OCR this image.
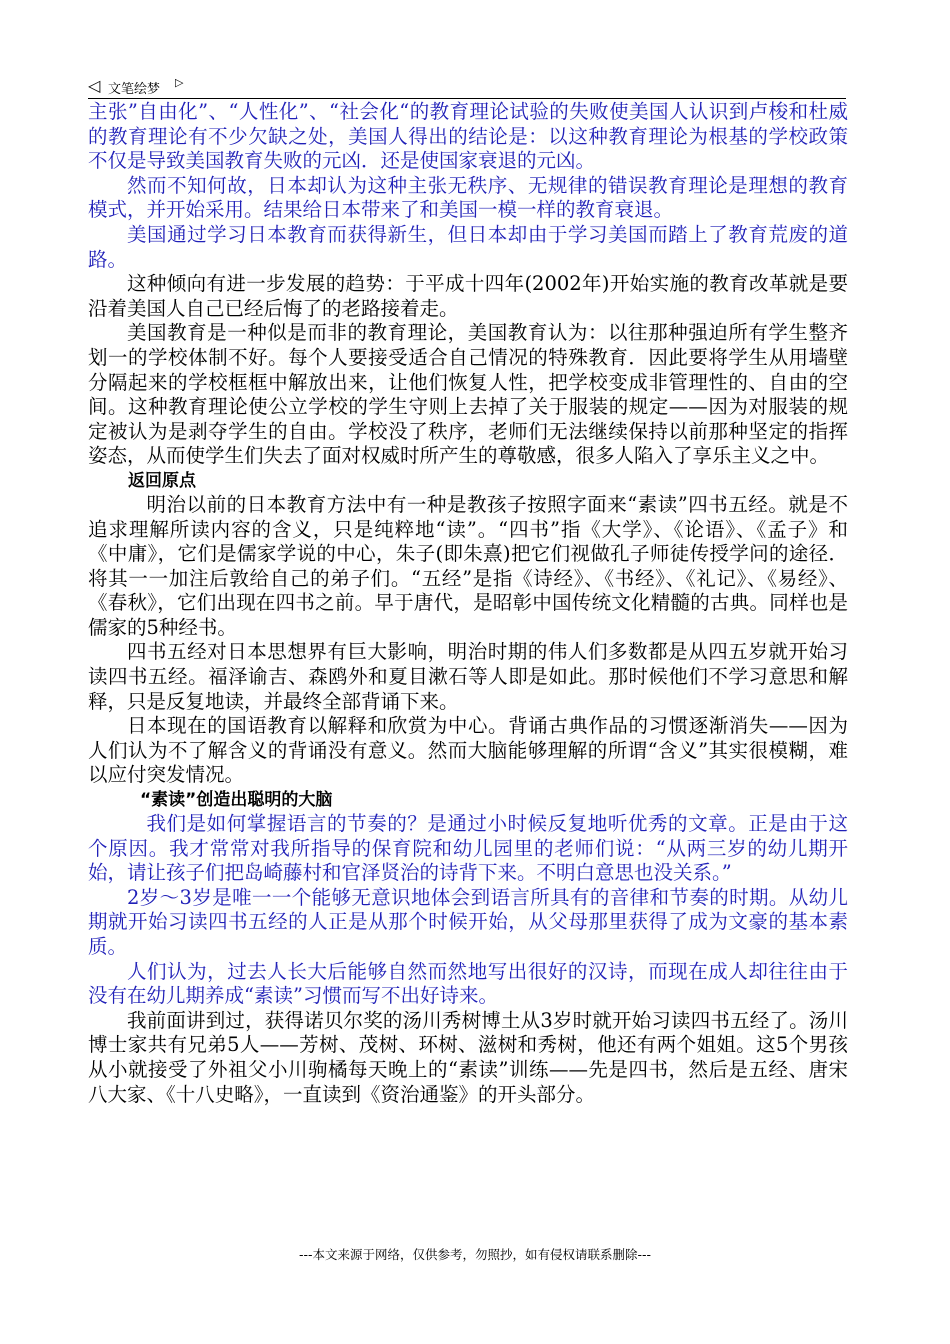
◁ 文笔绘梦 ▷

主张”自由化”、“人性化”、“社会化“的教育理论试验的失败使美国人认识到卢梭和杜威的教育理论有不少欠缺之处，美国人得出的结论是：以这种教育理论为根基的学校政策不仅是导致美国教育失败的元凶．还是使国家衰退的元凶。

然而不知何故，日本却认为这种主张无秩序、无规律的错误教育理论是理想的教育模式，并开始采用。结果给日本带来了和美国一模一样的教育衰退。

美国通过学习日本教育而获得新生，但日本却由于学习美国而踏上了教育荒废的道路。

这种倾向有进一步发展的趋势：于平成十四年(2002年)开始实施的教育改革就是要沿着美国人自己已经后悔了的老路接着走。

美国教育是一种似是而非的教育理论，美国教育认为：以往那种强迫所有学生整齐划一的学校体制不好。每个人要接受适合自己情况的特殊教育．因此要将学生从用墙壁分隔起来的学校框框中解放出来，让他们恢复人性，把学校变成非管理性的、自由的空间。这种教育理论使公立学校的学生守则上去掉了关于服装的规定——因为对服装的规定被认为是剥夺学生的自由。学校没了秩序，老师们无法继续保持以前那种坚定的指挥姿态，从而使学生们失去了面对权威时所产生的尊敬感，很多人陷入了享乐主义之中。

返回原点

明治以前的日本教育方法中有一种是教孩子按照字面来“素读”四书五经。就是不追求理解所读内容的含义，只是纯粹地“读”。“四书”指《大学》、《论语》、《孟子》和《中庸》，它们是儒家学说的中心，朱子(即朱熹)把它们视做孔子师徒传授学问的途径．将其一一加注后敦给自己的弟子们。“五经”是指《诗经》、《书经》、《礼记》、《易经》、《春秋》，它们出现在四书之前。早于唐代，是昭彰中国传统文化精髓的古典。同样也是儒家的5种经书。

四书五经对日本思想界有巨大影响，明治时期的伟人们多数都是从四五岁就开始习读四书五经。福泽谕吉、森鸥外和夏目漱石等人即是如此。那时候他们不学习意思和解释，只是反复地读，并最终全部背诵下来。

日本现在的国语教育以解释和欣赏为中心。背诵古典作品的习惯逐渐消失——因为人们认为不了解含义的背诵没有意义。然而大脑能够理解的所谓“含义”其实很模糊，难以应付突发情况。

“素读”创造出聪明的大脑

我们是如何掌握语言的节奏的？是通过小时候反复地听优秀的文章。正是由于这个原因。我才常常对我所指导的保育院和幼儿园里的老师们说：“从两三岁的幼儿期开始，请让孩子们把岛崎藤村和官泽贤治的诗背下来。不明白意思也没关系。”

2岁～3岁是唯一一个能够无意识地体会到语言所具有的音律和节奏的时期。从幼儿期就开始习读四书五经的人正是从那个时候开始，从父母那里获得了成为文豪的基本素质。

人们认为，过去人长大后能够自然而然地写出很好的汉诗，而现在成人却往往由于没有在幼儿期养成“素读”习惯而写不出好诗来。

我前面讲到过，获得诺贝尔奖的汤川秀树博土从3岁时就开始习读四书五经了。汤川博士家共有兄弟5人——芳树、茂树、环树、滋树和秀树，他还有两个姐姐。这5个男孩从小就接受了外祖父小川驹橘每天晚上的“素读”训练——先是四书，然后是五经、唐宋八大家、《十八史略》，一直读到《资治通鉴》的开头部分。

---本文来源于网络，仅供参考，勿照抄，如有侵权请联系删除---
